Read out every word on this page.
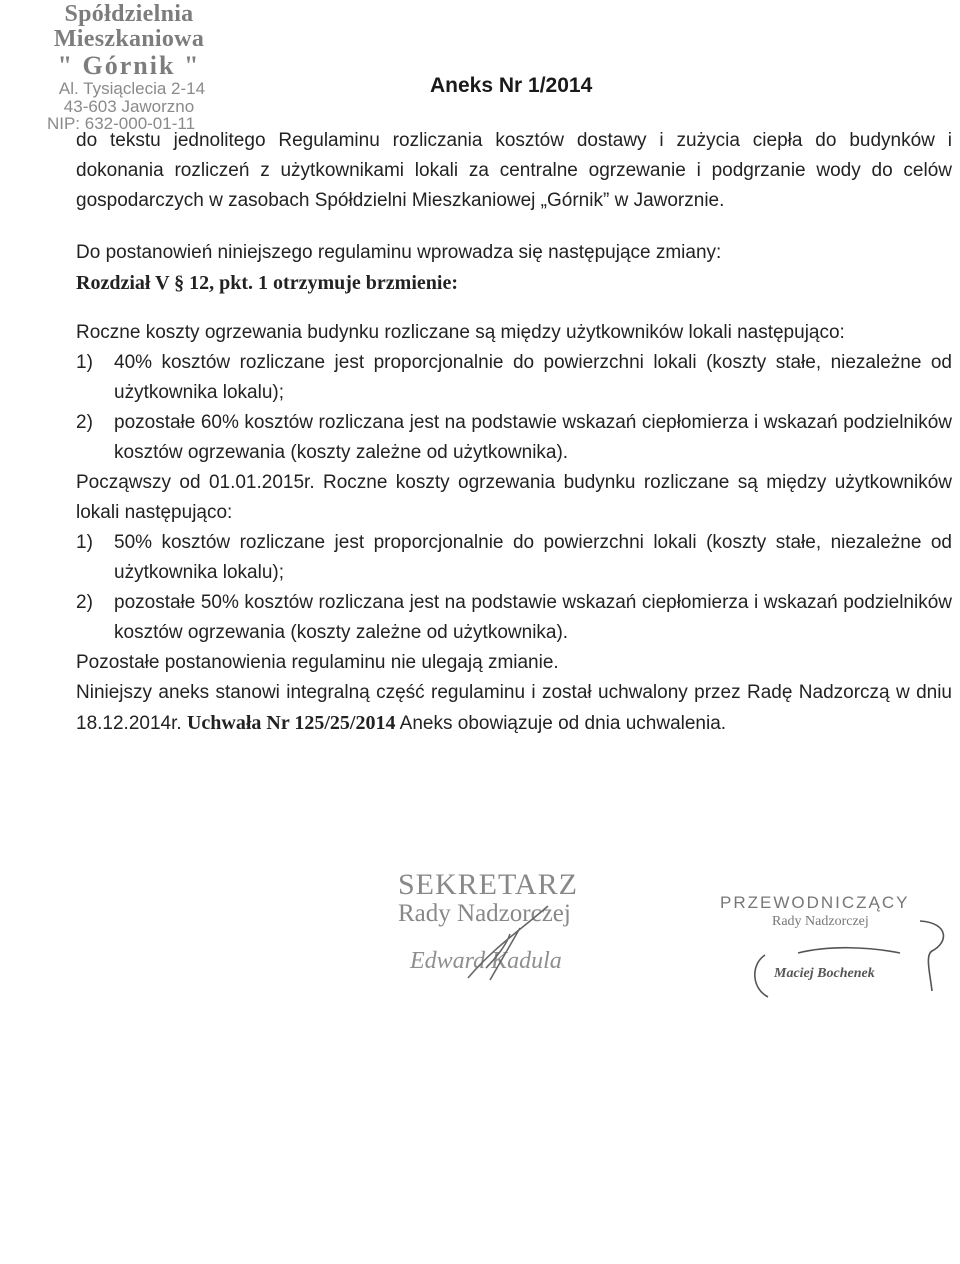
Spółdzielnia Mieszkaniowa
" Górnik "
Al. Tysiąclecia 2-14
43-603 Jaworzno
NIP: 632-000-01-11
Aneks Nr 1/2014

do tekstu jednolitego Regulaminu rozliczania kosztów dostawy i zużycia ciepła do budynków i dokonania rozliczeń z użytkownikami lokali za centralne ogrzewanie i podgrzanie wody do celów gospodarczych w zasobach Spółdzielni Mieszkaniowej „Górnik” w Jaworznie.

Do postanowień niniejszego regulaminu wprowadza się następujące zmiany:

Rozdział V § 12, pkt. 1 otrzymuje brzmienie:

Roczne koszty ogrzewania budynku rozliczane są między użytkowników lokali następująco:

1)	40% kosztów rozliczane jest proporcjonalnie do powierzchni lokali (koszty stałe, niezależne od użytkownika lokalu);
2)	pozostałe 60% kosztów rozliczana jest na podstawie wskazań ciepłomierza i wskazań podzielników kosztów ogrzewania (koszty zależne od użytkownika).

Począwszy od 01.01.2015r. Roczne koszty ogrzewania budynku rozliczane są między użytkowników lokali następująco:

1)	50% kosztów rozliczane jest proporcjonalnie do powierzchni lokali (koszty stałe, niezależne od użytkownika lokalu);
2)	pozostałe 50% kosztów rozliczana jest na podstawie wskazań ciepłomierza i wskazań podzielników kosztów ogrzewania (koszty zależne od użytkownika).

Pozostałe postanowienia regulaminu nie ulegają zmianie.

Niniejszy aneks stanowi integralną część regulaminu i został uchwalony przez Radę Nadzorczą w dniu 18.12.2014r. Uchwała Nr 125/25/2014 Aneks obowiązuje od dnia uchwalenia.

SEKRETARZ
Rady Nadzorczej
Edward Kadula
PRZEWODNICZĄCY
Rady Nadzorczej
Maciej Bochenek
